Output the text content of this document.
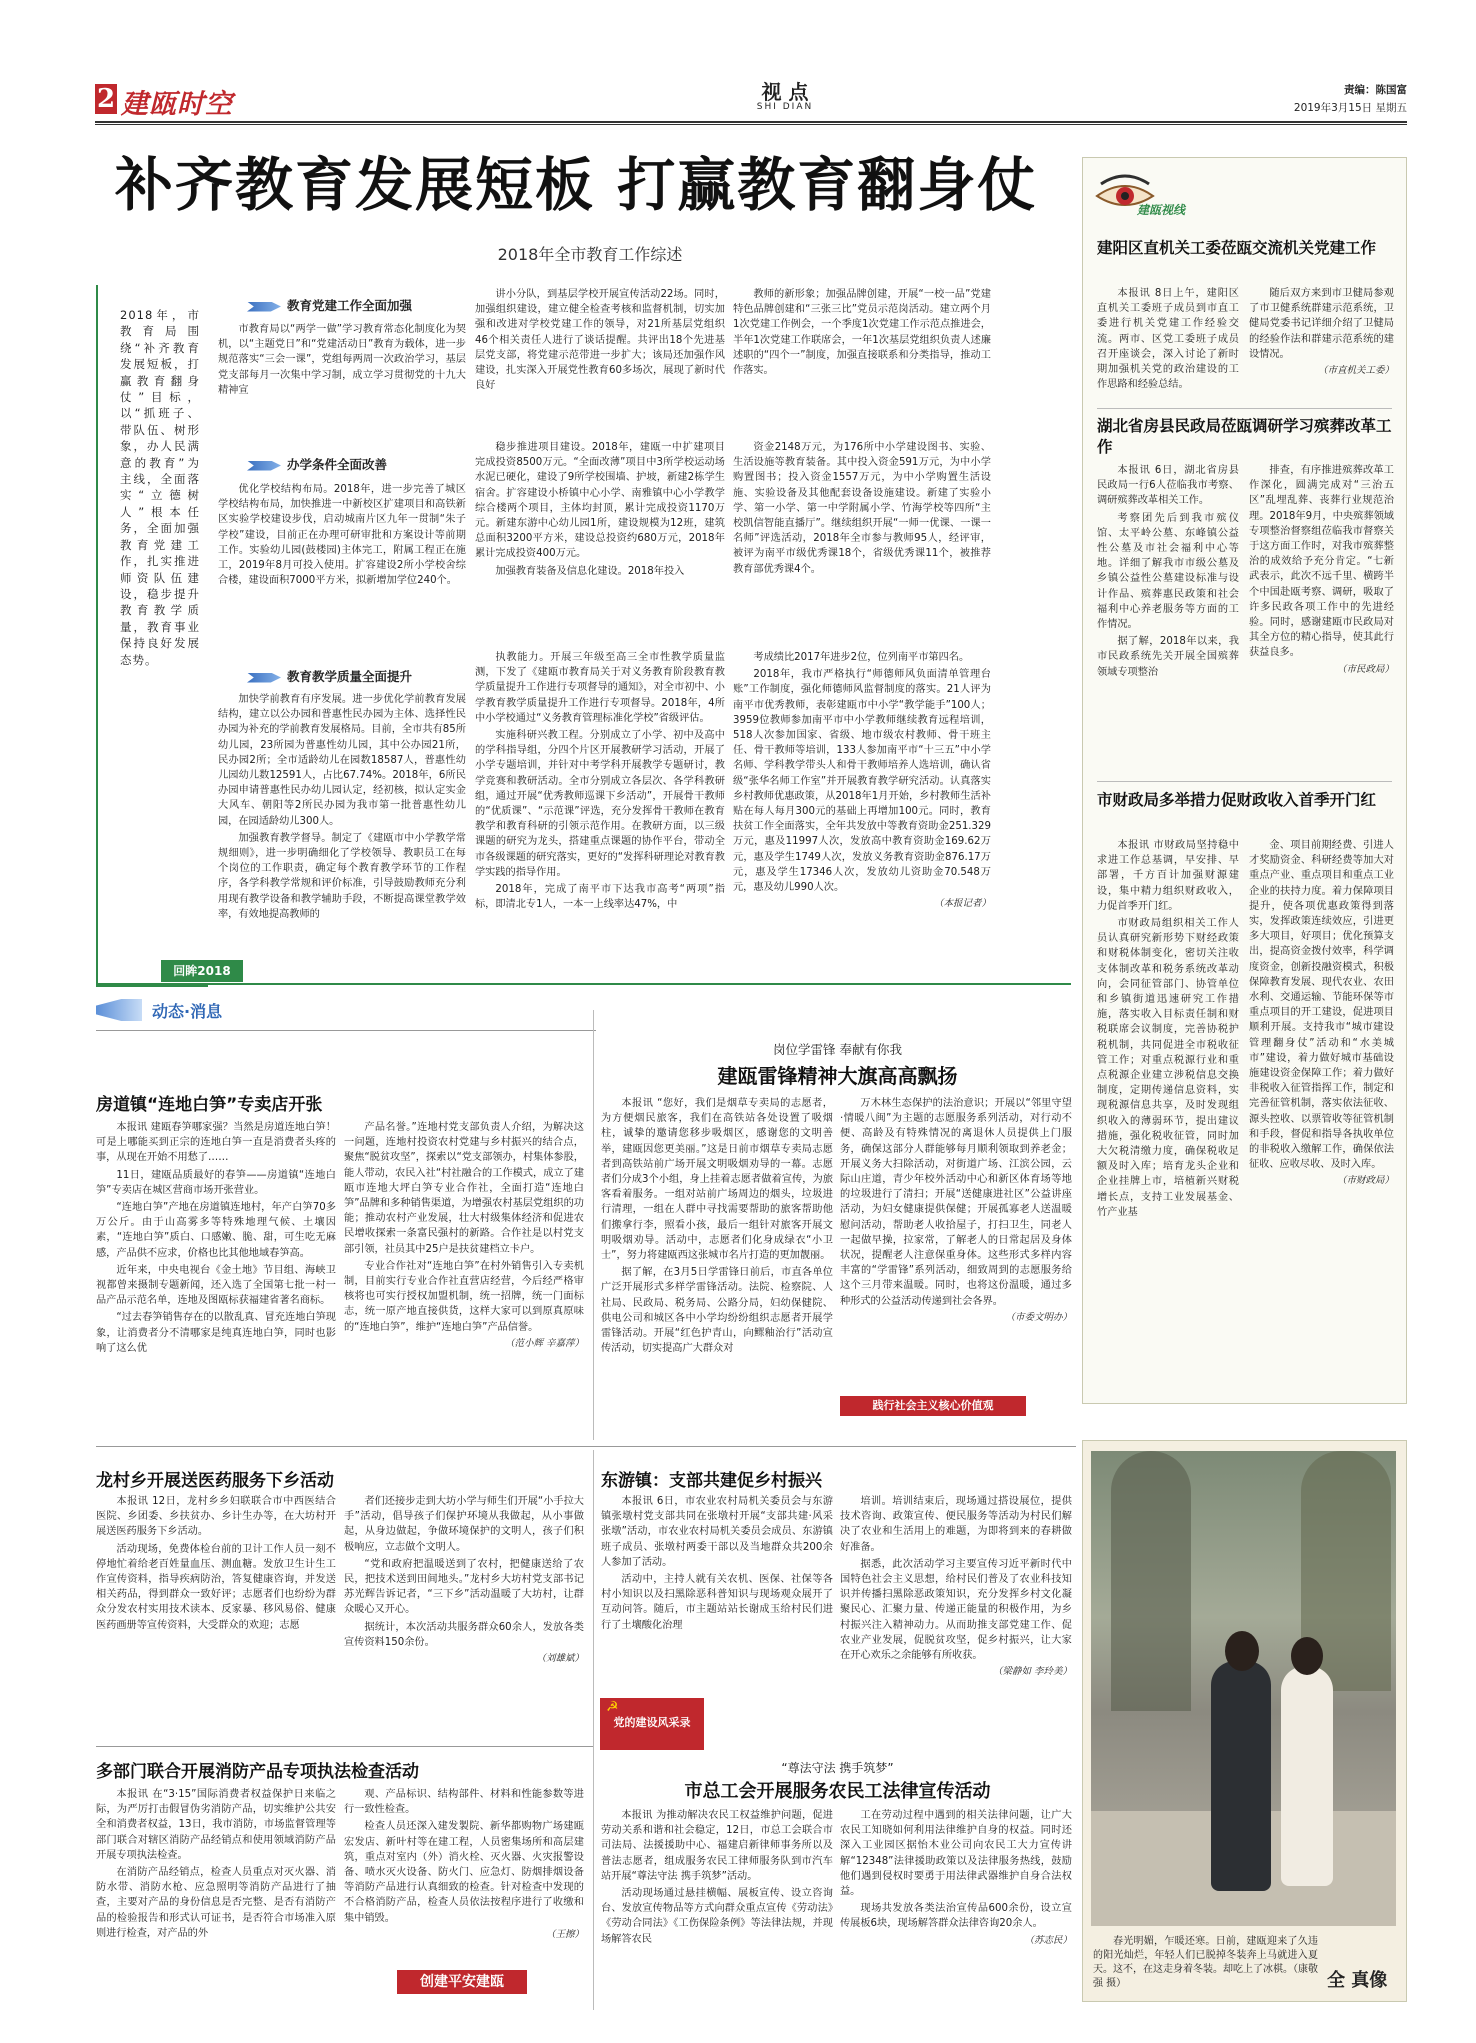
2 建瓯时空	视 点
SHI DIAN
责编：陈国富
2019年3月15日 星期五
补齐教育发展短板 打赢教育翻身仗
2018年全市教育工作综述
2018年，市教育局围绕“补齐教育发展短板，打赢教育翻身仗”目标，以“抓班子、带队伍、树形象，办人民满意的教育”为主线，全面落实“立德树人”根本任务，全面加强教育党建工作，扎实推进师资队伍建设，稳步提升教育教学质量，教育事业保持良好发展态势。
回眸2018
教育党建工作全面加强
办学条件全面改善
教育教学质量全面提升

市教育局以“两学一做”学习教育常态化制度化为契机，以“主题党日”和“党建活动日”教育为载体，进一步规范落实“三会一课”，党组每两周一次政治学习，基层党支部每月一次集中学习制，成立学习贯彻党的十九大精神宣

优化学校结构布局。2018年，进一步完善了城区学校结构布局，加快推进一中新校区扩建项目和高铁新区实验学校建设步伐，启动城南片区九年一贯制“朱子学校”建设，目前正在办理可研审批和方案设计等前期工作。实验幼儿园(鼓楼园)主体完工，附属工程正在施工，2019年8月可投入使用。扩容建设2所小学校舍综合楼，建设面积7000平方米，拟新增加学位240个。

加快学前教育有序发展。进一步优化学前教育发展结构，建立以公办园和普惠性民办园为主体、选择性民办园为补充的学前教育发展格局。目前，全市共有85所幼儿园，23所园为普惠性幼儿园，其中公办园21所，民办园2所；全市适龄幼儿在园数18587人，普惠性幼儿园幼儿数12591人，占比67.74%。2018年，6所民办园申请普惠性民办幼儿园认定，经初核，拟认定实金大风车、朝阳等2所民办园为我市第一批普惠性幼儿园，在园适龄幼儿300人。

加强教育教学督导。制定了《建瓯市中小学教学常规细则》，进一步明确细化了学校领导、教职员工在每个岗位的工作职责，确定每个教育教学环节的工作程序，各学科教学常规和评价标准，引导鼓励教师充分利用现有教学设备和教学辅助手段，不断提高课堂教学效率，有效地提高教师的

讲小分队，到基层学校开展宣传活动22场。同时，加强组织建设，建立健全检查考核和监督机制，切实加强和改进对学校党建工作的领导，对21所基层党组织46个相关责任人进行了谈话提醒。共评出18个先进基层党支部，将党建示范带进一步扩大；该局还加强作风建设，扎实深入开展党性教育60多场次，展现了新时代良好

稳步推进项目建设。2018年，建瓯一中扩建项目完成投资8500万元。“全面改薄”项目中3所学校运动场水泥已硬化，建设了9所学校围墙、护坡，新建2栋学生宿舍。扩容建设小桥镇中心小学、南雅镇中心小学教学综合楼两个项目，主体均封顶，累计完成投资1170万元。新建东游中心幼儿园1所，建设规模为12班，建筑总面积3200平方米，建设总投资约680万元，2018年累计完成投资400万元。

加强教育装备及信息化建设。2018年投入

执教能力。开展三年级至高三全市性教学质量监测，下发了《建瓯市教育局关于对义务教育阶段教育教学质量提升工作进行专项督导的通知》，对全市初中、小学教育教学质量提升工作进行专项督导。2018年，4所中小学校通过“义务教育管理标准化学校”省级评估。

实施科研兴教工程。分别成立了小学、初中及高中的学科指导组，分四个片区开展教研学习活动，开展了小学专题培训，并针对中考学科开展教学专题研讨，教学竞赛和教研活动。全市分别成立各层次、各学科教研组，通过开展“优秀教师巡课下乡活动”，开展骨干教师的“优质课”、“示范课”评选，充分发挥骨干教师在教育教学和教育科研的引领示范作用。在教研方面，以三级课题的研究为龙头，搭建重点课题的协作平台，带动全市各级课题的研究落实，更好的“发挥科研理论对教育教学实践的指导作用。

2018年，完成了南平市下达我市高考“两项”指标，即清北专1人，一本一上线率达47%，中

教师的新形象；加强品牌创建，开展“一校一品”党建特色品牌创建和“三张三比”党员示范岗活动。建立两个月1次党建工作例会，一个季度1次党建工作示范点推进会，半年1次党建工作联席会，一年1次基层党组织负责人述廉述职的“四个一”制度，加强直接联系和分类指导，推动工作落实。

资金2148万元，为176所中小学建设图书、实验、生活设施等教育装备。其中投入资金591万元，为中小学购置图书；投入资金1557万元，为中小学购置生活设施、实验设备及其他配套设备设施建设。新建了实验小学、第一小学、第一中学附属小学、竹海学校等四所“主校凯信智能直播厅”。继续组织开展“一师一优课、一课一名师”评选活动，2018年全市参与教师95人，经评审，被评为南平市级优秀课18个，省级优秀课11个，被推荐教育部优秀课4个。

考成绩比2017年进步2位，位列南平市第四名。

2018年，我市严格执行“师德师风负面清单管理台账”工作制度，强化师德师风监督制度的落实。21人评为南平市优秀教师，表彰建瓯市中小学“教学能手”100人；3959位教师参加南平市中小学教师继续教育远程培训，518人次参加国家、省级、地市级农村教师、骨干班主任、骨干教师等培训，133人参加南平市“十三五”中小学名师、学科教学带头人和骨干教师培养人选培训，确认省级“张华名师工作室”并开展教育教学研究活动。认真落实乡村教师优惠政策，从2018年1月开始，乡村教师生活补贴在每人每月300元的基础上再增加100元。同时，教育扶贫工作全面落实，全年共发放中等教育资助金251.329万元，惠及11997人次，发放高中教育资助金169.62万元，惠及学生1749人次，发放义务教育资助金876.17万元，惠及学生17346人次，发放幼儿资助金70.548万元，惠及幼儿990人次。

（本报记者）
建瓯视线
建阳区直机关工委莅瓯交流机关党建工作

本报讯 8日上午，建阳区直机关工委班子成员到市直工委进行机关党建工作经验交流。两市、区党工委班子成员召开座谈会，深入讨论了新时期加强机关党的政治建设的工作思路和经验总结。

随后双方来到市卫健局参观了市卫健系统群建示范系统，卫健局党委书记详细介绍了卫健局的经验作法和群建示范系统的建设情况。

（市直机关工委）
湖北省房县民政局莅瓯调研学习殡葬改革工作

本报讯 6日，湖北省房县民政局一行6人莅临我市考察、调研殡葬改革相关工作。

考察团先后到我市殡仪馆、太平岭公墓、东峰镇公益性公墓及市社会福利中心等地。详细了解我市市级公墓及乡镇公益性公墓建设标准与设计作品、殡葬惠民政策和社会福利中心养老服务等方面的工作情况。

据了解，2018年以来，我市民政系统先关开展全国殡葬领域专项整治

排查，有序推进殡葬改革工作深化，圆满完成对“三治五区”乱埋乱葬、丧葬行业规范治理。2018年9月，中央殡葬领域专项整治督察组莅临我市督察关于这方面工作时，对我市殡葬整治的成效给予充分肯定。“七新武表示，此次不远千里、横跨半个中国赴瓯考察、调研，吸取了许多民政各项工作中的先进经验。同时，感谢建瓯市民政局对其全方位的精心指导，使其此行获益良多。

（市民政局）
市财政局多举措力促财政收入首季开门红

本报讯 市财政局坚持稳中求进工作总基调，早安排、早部署，千方百计加强财源建设，集中精力组织财政收入，力促首季开门红。

市财政局组织相关工作人员认真研究新形势下财经政策和财税体制变化，密切关注收支体制改革和税务系统改革动向，会同征管部门、协管单位和乡镇街道迅速研究工作措施，落实收入目标责任制和财税联席会议制度，完善协税护税机制，共同促进全市税收征管工作；对重点税源行业和重点税源企业建立涉税信息交换制度，定期传递信息资料，实现税源信息共享，及时发现组织收入的薄弱环节，提出建议措施，强化税收征管，同时加大欠税清缴力度，确保税收足额及时入库；培育龙头企业和企业挂牌上市，培植新兴财税增长点，支持工业发展基金、竹产业基

金、项目前期经费、引进人才奖励资金、科研经费等加大对重点产业、重点项目和重点工业企业的扶持力度。着力保障项目提升，使各项优惠政策得到落实，发挥政策连续效应，引进更多大项目，好项目；优化预算支出，提高资金拨付效率，科学调度资金，创新投融资模式，积极保障教育发展、现代农业、农田水利、交通运输、节能环保等市重点项目的开工建设，促进项目顺利开展。支持我市“城市建设管理翻身仗”活动和“水美城市”建设，着力做好城市基础设施建设资金保障工作；着力做好非税收入征管指挥工作，制定和完善征管机制，落实依法征收、源头控收、以票管收等征管机制和手段，督促和指导各执收单位的非税收入缴解工作，确保依法征收、应收尽收、及时入库。

（市财政局）
动态·消息
房道镇“连地白笋”专卖店开张

本报讯 建瓯春笋哪家强？当然是房道连地白笋！可是上哪能买到正宗的连地白笋一直是消费者头疼的事，从现在开始不用愁了……

11日，建瓯品质最好的春笋——房道镇“连地白笋”专卖店在城区营商市场开张营业。

“连地白笋”产地在房道镇连地村，年产白笋70多万公斤。由于山高雾多等特殊地理气候、土壤因素，“连地白笋”质白、口感嫩、脆、甜，可生吃无麻感，产品供不应求，价格也比其他地域春笋高。

近年来，中央电视台《金土地》节目组、海峡卫视都曾来摄制专题新闻，还入选了全国第七批一村一品产品示范名单，连地及图瓯标获福建省著名商标。

“过去春笋销售存在的以散乱真、冒充连地白笋现象，让消费者分不清哪家是纯真连地白笋，同时也影响了这么优

产品名誉。”连地村党支部负责人介绍，为解决这一问题，连地村投资农村党建与乡村振兴的结合点，聚焦“脱贫攻坚”，探索以“党支部领办，村集体参股，能人带动，农民入社“村社融合的工作模式，成立了建瓯市连地大坪白笋专业合作社，全面打造“连地白笋”品牌和多种销售渠道，为增强农村基层党组织的功能；推动农村产业发展，壮大村级集体经济和促进农民增收探索一条富民强村的新路。合作社是以村党支部引领，社员其中25户是扶贫建档立卡户。

专业合作社对“连地白笋”在村外销售引入专卖机制，目前实行专业合作社直营店经营，今后经严格审核将也可实行授权加盟机制，统一招牌，统一门面标志，统一原产地直接供货，这样大家可以到原真原味的“连地白笋”，维护“连地白笋”产品信誉。

（范小辉 辛嘉萍）
岗位学雷锋 奉献有你我
建瓯雷锋精神大旗高高飘扬

本报讯 “您好，我们是烟草专卖局的志愿者，为方便烟民旅客，我们在高铁站各处设置了吸烟柱，诚挚的邀请您移步吸烟区，感谢您的文明善举，建瓯因您更美丽。”这是日前市烟草专卖局志愿者到高铁站前广场开展文明吸烟劝导的一幕。志愿者们分成3个小组，身上挂着志愿者做着宣传，为旅客看着服务。一组对站前广场周边的烟头，垃圾进行清理，一组在人群中寻找需要帮助的旅客帮助他们搬拿行李，照看小孩，最后一组针对旅客开展文明吸烟劝导。活动中，志愿者们化身成绿衣“小卫士”，努力将建瓯西这张城市名片打造的更加靓丽。

据了解，在3月5日学雷锋日前后，市直各单位广泛开展形式多样学雷锋活动。法院、检察院、人社局、民政局、税务局、公路分局，妇幼保健院、供电公司和城区各中小学均纷纷组织志愿者开展学雷锋活动。开展“红色护青山，向鳏釉治行”活动宣传活动，切实提高广大群众对

万木林生态保护的法治意识；开展以“邻里守望·情暖八闽”为主题的志愿服务系列活动，对行动不便、高龄及有特殊情况的离退休人员提供上门服务，确保这部分人群能够每月顺利领取到养老金；开展义务大扫除活动，对街道广场、江滨公园，云际山庄道，青少年校外活动中心和新区体育场等地的垃圾进行了清扫；开展“送健康进社区”公益讲座活动，为妇女健康提供保健；开展孤寡老人送温暖慰问活动，帮助老人收拾屋子，打扫卫生，同老人一起做早操，拉家常，了解老人的日常起居及身体状况，提醒老人注意保重身体。这些形式多样内容丰富的“学雷锋”系列活动，细致周到的志愿服务给这个三月带来温暖。同时，也将这份温暖，通过多种形式的公益活动传递到社会各界。

（市委文明办）
践行社会主义核心价值观
龙村乡开展送医药服务下乡活动

本报讯 12日，龙村乡乡妇联联合市中西医结合医院、乡团委、乡扶贫办、乡计生办等，在大坊村开展送医药服务下乡活动。

活动现场，免费体检台前的卫计工作人员一刻不停地忙着给老百姓量血压、测血糖。发放卫生计生工作宣传资料，指导疾病防治，答复健康咨询，并发送相关药品，得到群众一致好评；志愿者们也纷纷为群众分发农村实用技术读本、反家暴、移风易俗、健康医药画册等宣传资料，大受群众的欢迎；志愿

者们还接步走到大坊小学与师生们开展“小手拉大手”活动，倡导孩子们保护环境从我做起，从小事做起，从身边做起，争做环境保护的文明人，孩子们积极响应，立志做个文明人。

“党和政府把温暖送到了农村，把健康送给了农民，把技术送到田间地头。”龙村乡大坊村党支部书记苏光辉告诉记者，“三下乡”活动温暖了大坊村，让群众暖心又开心。

据统计，本次活动共服务群众60余人，发放各类宣传资料150余份。

（刘雄斌）
东游镇：支部共建促乡村振兴

本报讯 6日，市农业农村局机关委员会与东游镇张墩村党支部共同在张墩村开展“支部共建·风采张墩”活动，市农业农村局机关委员会成员、东游镇班子成员、张墩村两委干部以及当地群众共200余人参加了活动。

活动中，主持人就有关农机、医保、社保等各村小知识以及扫黑除恶科普知识与现场观众展开了互动问答。随后，市主题站站长谢成玉给村民们进行了土壤酸化治理

培训。培训结束后，现场通过搭设展位，提供技术咨询、政策宣传、便民服务等活动为村民们解决了农业和生活用上的难题，为即将到来的春耕做好准备。

据悉，此次活动学习主要宣传习近平新时代中国特色社会主义思想，给村民们普及了农业科技知识并传播扫黑除恶政策知识，充分发挥乡村文化凝聚民心、汇聚力量、传递正能量的积极作用，为乡村振兴注入精神动力。从而助推支部党建工作、促农业产业发展，促脱贫攻坚，促乡村振兴，让大家在开心欢乐之余能够有所收获。

（梁静如 李玲美）
☭
党的建设风采录
多部门联合开展消防产品专项执法检查活动

本报讯 在“3·15”国际消费者权益保护日来临之际，为严厉打击假冒伪劣消防产品，切实维护公共安全和消费者权益，13日，我市消防，市场监督管理等部门联合对辖区消防产品经销点和使用领域消防产品开展专项执法检查。

在消防产品经销点，检查人员重点对灭火器、消防水带、消防水枪、应急照明等消防产品进行了抽查，主要对产品的身份信息是否完整、是否有消防产品的检验报告和形式认可证书，是否符合市场准入原则进行检查，对产品的外

观、产品标识、结构部件、材料和性能参数等进行一致性检查。

检查人员还深入建发製院、新华都购物广场建瓯宏发店、新叶村等在建工程，人员密集场所和高层建筑，重点对室内（外）消火栓、灭火器、火灾报警设备、喷水灭火设备、防火门、应急灯、防烟排烟设备等消防产品进行认真细致的检查。针对检查中发现的不合格消防产品，检查人员依法按程序进行了收缴和集中销毁。

（王擦）
创建平安建瓯
“尊法守法 携手筑梦”
市总工会开展服务农民工法律宣传活动

本报讯 为推动解决农民工权益维护问题，促进劳动关系和谐和社会稳定，12日，市总工会联合市司法局、法援援助中心、福建启新律师事务所以及普法志愿者，组成服务农民工律师服务队到市汽车站开展“尊法守法 携手筑梦”活动。

活动现场通过悬挂横幅、展板宣传、设立咨询台、发放宣传物品等方式向群众重点宣传《劳动法》《劳动合同法》《工伤保险条例》等法律法规，并现场解答农民

工在劳动过程中遇到的相关法律问题，让广大农民工知晓如何利用法律维护自身的权益。同时还深入工业园区据怡木业公司向农民工大力宣传讲解“12348”法律援助政策以及法律服务热线，鼓励他们遇到侵权时要勇于用法律武器维护自身合法权益。

现场共发放各类法治宣传品600余份，设立宣传展板6块，现场解答群众法律咨询20余人。

（苏志民）	春光明媚，乍暖还寒。日前，建瓯迎来了久违的阳光灿烂，年轻人们已脱掉冬装奔上马就进入夏天。这不，在这走身着冬装。却吃上了冰棋。（康敬强 摄）	全 真像
